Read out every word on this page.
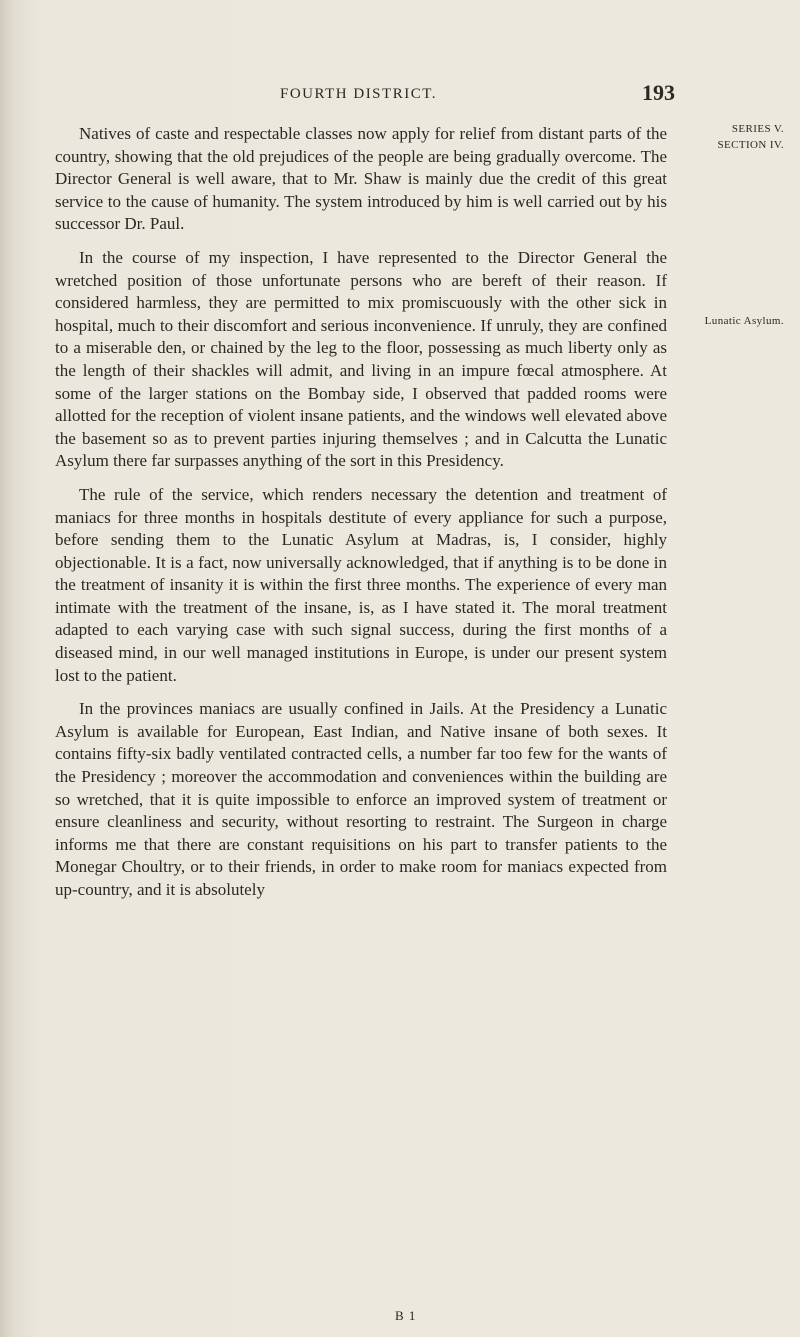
FOURTH DISTRICT.	193
SERIES V.
SECTION IV.
Lunatic Asylum.

Natives of caste and respectable classes now apply for relief from distant parts of the country, showing that the old prejudices of the people are being gradually overcome. The Director General is well aware, that to Mr. Shaw is mainly due the credit of this great service to the cause of humanity. The system introduced by him is well carried out by his successor Dr. Paul.

In the course of my inspection, I have represented to the Director General the wretched position of those unfortunate persons who are bereft of their reason. If considered harmless, they are permitted to mix promiscuously with the other sick in hospital, much to their discomfort and serious inconvenience. If unruly, they are confined to a miserable den, or chained by the leg to the floor, possessing as much liberty only as the length of their shackles will admit, and living in an impure fœcal atmosphere. At some of the larger stations on the Bombay side, I observed that padded rooms were allotted for the reception of violent insane patients, and the windows well elevated above the basement so as to prevent parties injuring themselves ; and in Calcutta the Lunatic Asylum there far surpasses anything of the sort in this Presidency.

The rule of the service, which renders necessary the detention and treatment of maniacs for three months in hospitals destitute of every appliance for such a purpose, before sending them to the Lunatic Asylum at Madras, is, I consider, highly objectionable. It is a fact, now universally acknowledged, that if anything is to be done in the treatment of insanity it is within the first three months. The experience of every man intimate with the treatment of the insane, is, as I have stated it. The moral treatment adapted to each varying case with such signal success, during the first months of a diseased mind, in our well managed institutions in Europe, is under our present system lost to the patient.

In the provinces maniacs are usually confined in Jails. At the Presidency a Lunatic Asylum is available for European, East Indian, and Native insane of both sexes. It contains fifty-six badly ventilated contracted cells, a number far too few for the wants of the Presidency ; moreover the accommodation and conveniences within the building are so wretched, that it is quite impossible to enforce an improved system of treatment or ensure cleanliness and security, without resorting to restraint. The Surgeon in charge informs me that there are constant requisitions on his part to transfer patients to the Monegar Choultry, or to their friends, in order to make room for maniacs expected from up-country, and it is absolutely

B 1
